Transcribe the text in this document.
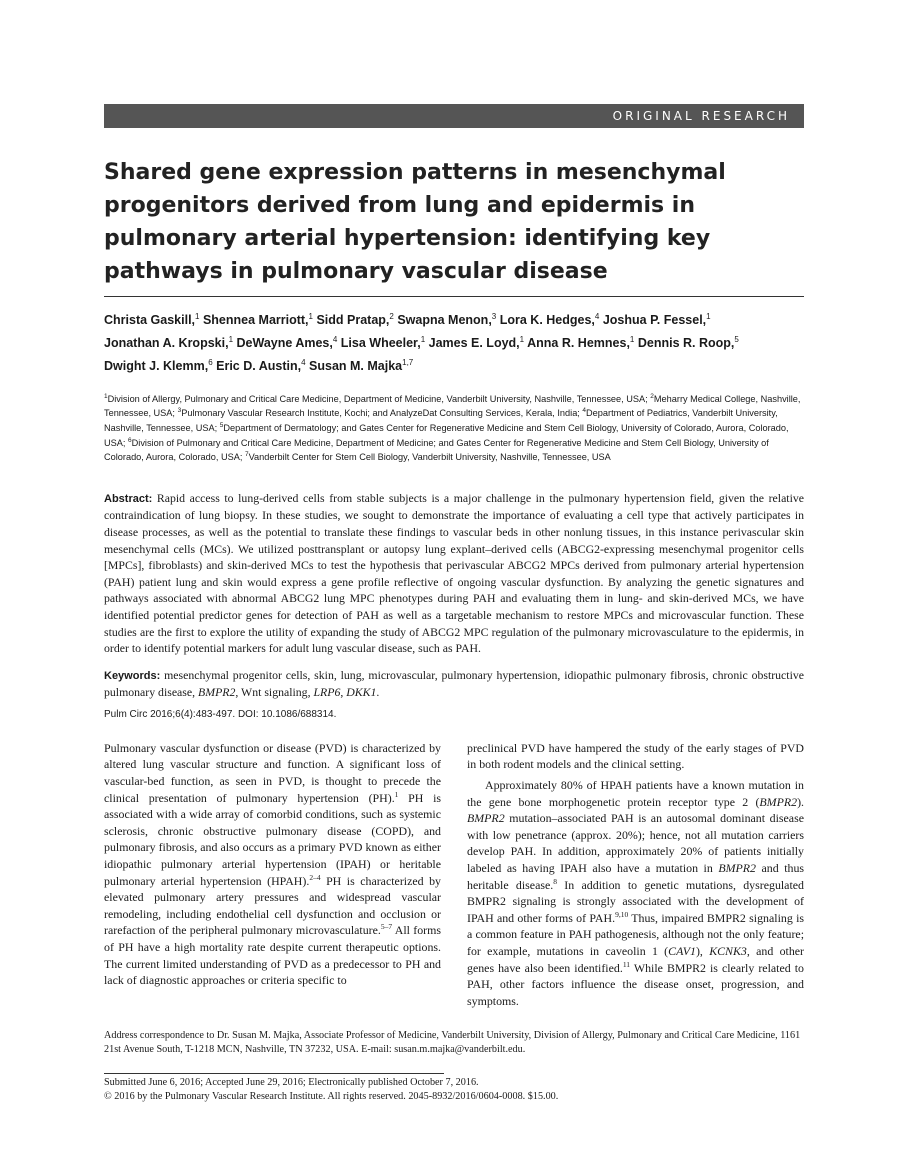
ORIGINAL RESEARCH
Shared gene expression patterns in mesenchymal progenitors derived from lung and epidermis in pulmonary arterial hypertension: identifying key pathways in pulmonary vascular disease
Christa Gaskill,$^1$ Shennea Marriott,$^1$ Sidd Pratap,$^2$ Swapna Menon,$^3$ Lora K. Hedges,$^4$ Joshua P. Fessel,$^1$
Jonathan A. Kropski,$^1$ DeWayne Ames,$^4$ Lisa Wheeler,$^1$ James E. Loyd,$^1$ Anna R. Hemnes,$^1$ Dennis R. Roop,$^5$
Dwight J. Klemm,$^6$ Eric D. Austin,$^4$ Susan M. Majka$^{1,7}$
$^1$Division of Allergy, Pulmonary and Critical Care Medicine, Department of Medicine, Vanderbilt University, Nashville, Tennessee, USA; $^2$Meharry Medical College, Nashville, Tennessee, USA; $^3$Pulmonary Vascular Research Institute, Kochi; and AnalyzeDat Consulting Services, Kerala, India; $^4$Department of Pediatrics, Vanderbilt University, Nashville, Tennessee, USA; $^5$Department of Dermatology; and Gates Center for Regenerative Medicine and Stem Cell Biology, University of Colorado, Aurora, Colorado, USA; $^6$Division of Pulmonary and Critical Care Medicine, Department of Medicine; and Gates Center for Regenerative Medicine and Stem Cell Biology, University of Colorado, Aurora, Colorado, USA; $^7$Vanderbilt Center for Stem Cell Biology, Vanderbilt University, Nashville, Tennessee, USA
Abstract: Rapid access to lung-derived cells from stable subjects is a major challenge in the pulmonary hypertension field, given the relative contraindication of lung biopsy. In these studies, we sought to demonstrate the importance of evaluating a cell type that actively participates in disease processes, as well as the potential to translate these findings to vascular beds in other nonlung tissues, in this instance perivascular skin mesenchymal cells (MCs). We utilized posttransplant or autopsy lung explant–derived cells (ABCG2-expressing mesenchymal progenitor cells [MPCs], fibroblasts) and skin-derived MCs to test the hypothesis that perivascular ABCG2 MPCs derived from pulmonary arterial hypertension (PAH) patient lung and skin would express a gene profile reflective of ongoing vascular dysfunction. By analyzing the genetic signatures and pathways associated with abnormal ABCG2 lung MPC phenotypes during PAH and evaluating them in lung- and skin-derived MCs, we have identified potential predictor genes for detection of PAH as well as a targetable mechanism to restore MPCs and microvascular function. These studies are the first to explore the utility of expanding the study of ABCG2 MPC regulation of the pulmonary microvasculature to the epidermis, in order to identify potential markers for adult lung vascular disease, such as PAH.
Keywords: mesenchymal progenitor cells, skin, lung, microvascular, pulmonary hypertension, idiopathic pulmonary fibrosis, chronic obstructive pulmonary disease, BMPR2, Wnt signaling, LRP6, DKK1.
Pulm Circ 2016;6(4):483-497. DOI: 10.1086/688314.

Pulmonary vascular dysfunction or disease (PVD) is characterized by altered lung vascular structure and function. A significant loss of vascular-bed function, as seen in PVD, is thought to precede the clinical presentation of pulmonary hypertension (PH).$^1$ PH is associated with a wide array of comorbid conditions, such as systemic sclerosis, chronic obstructive pulmonary disease (COPD), and pulmonary fibrosis, and also occurs as a primary PVD known as either idiopathic pulmonary arterial hypertension (IPAH) or heritable pulmonary arterial hypertension (HPAH).$^{2-4}$ PH is characterized by elevated pulmonary artery pressures and widespread vascular remodeling, including endothelial cell dysfunction and occlusion or rarefaction of the peripheral pulmonary microvasculature.$^{5-7}$ All forms of PH have a high mortality rate despite current therapeutic options. The current limited understanding of PVD as a predecessor to PH and lack of diagnostic approaches or criteria specific to

preclinical PVD have hampered the study of the early stages of PVD in both rodent models and the clinical setting.

Approximately 80% of HPAH patients have a known mutation in the gene bone morphogenetic protein receptor type 2 (BMPR2). BMPR2 mutation–associated PAH is an autosomal dominant disease with low penetrance (approx. 20%); hence, not all mutation carriers develop PAH. In addition, approximately 20% of patients initially labeled as having IPAH also have a mutation in BMPR2 and thus heritable disease.$^8$ In addition to genetic mutations, dysregulated BMPR2 signaling is strongly associated with the development of IPAH and other forms of PAH.$^{9,10}$ Thus, impaired BMPR2 signaling is a common feature in PAH pathogenesis, although not the only feature; for example, mutations in caveolin 1 (CAV1), KCNK3, and other genes have also been identified.$^{11}$ While BMPR2 is clearly related to PAH, other factors influence the disease onset, progression, and symptoms.

Address correspondence to Dr. Susan M. Majka, Associate Professor of Medicine, Vanderbilt University, Division of Allergy, Pulmonary and Critical Care Medicine, 1161 21st Avenue South, T-1218 MCN, Nashville, TN 37232, USA. E-mail: susan.m.majka@vanderbilt.edu.
Submitted June 6, 2016; Accepted June 29, 2016; Electronically published October 7, 2016.
© 2016 by the Pulmonary Vascular Research Institute. All rights reserved. 2045-8932/2016/0604-0008. $15.00.
